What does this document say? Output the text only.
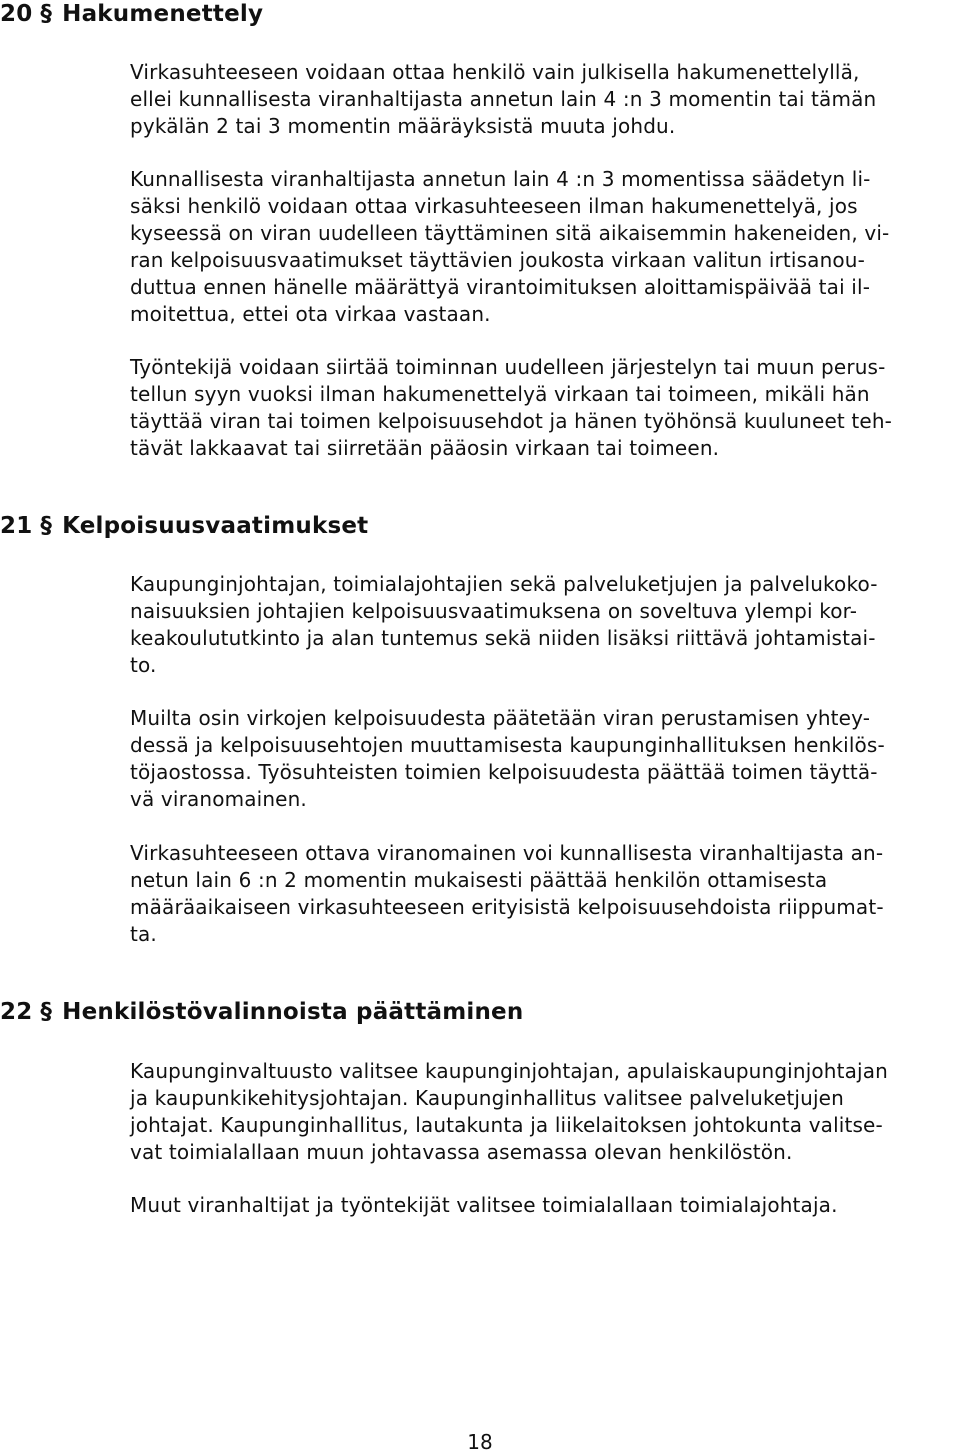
20 § Hakumenettely

Virkasuhteeseen voidaan ottaa henkilö vain julkisella hakumenettelyllä,
ellei kunnallisesta viranhaltijasta annetun lain 4 :n 3 momentin tai tämän
pykälän 2 tai 3 momentin määräyksistä muuta johdu.

Kunnallisesta viranhaltijasta annetun lain 4 :n 3 momentissa säädetyn li-
säksi henkilö voidaan ottaa virkasuhteeseen ilman hakumenettelyä, jos
kyseessä on viran uudelleen täyttäminen sitä aikaisemmin hakeneiden, vi-
ran kelpoisuusvaatimukset täyttävien joukosta virkaan valitun irtisanou-
duttua ennen hänelle määrättyä virantoimituksen aloittamispäivää tai il-
moitettua, ettei ota virkaa vastaan.

Työntekijä voidaan siirtää toiminnan uudelleen järjestelyn tai muun perus-
tellun syyn vuoksi ilman hakumenettelyä virkaan tai toimeen, mikäli hän
täyttää viran tai toimen kelpoisuusehdot ja hänen työhönsä kuuluneet teh-
tävät lakkaavat tai siirretään pääosin virkaan tai toimeen.

21 § Kelpoisuusvaatimukset

Kaupunginjohtajan, toimialajohtajien sekä palveluketjujen ja palvelukoko-
naisuuksien johtajien kelpoisuusvaatimuksena on soveltuva ylempi kor-
keakoulututkinto ja alan tuntemus sekä niiden lisäksi riittävä johtamistai-
to.

Muilta osin virkojen kelpoisuudesta päätetään viran perustamisen yhtey-
dessä ja kelpoisuusehtojen muuttamisesta kaupunginhallituksen henkilös-
töjaostossa. Työsuhteisten toimien kelpoisuudesta päättää toimen täyttä-
vä viranomainen.

Virkasuhteeseen ottava viranomainen voi kunnallisesta viranhaltijasta an-
netun lain 6 :n 2 momentin mukaisesti päättää henkilön ottamisesta
määräaikaiseen virkasuhteeseen erityisistä kelpoisuusehdoista riippumat-
ta.

22 § Henkilöstövalinnoista päättäminen

Kaupunginvaltuusto valitsee kaupunginjohtajan, apulaiskaupunginjohtajan
ja kaupunkikehitysjohtajan. Kaupunginhallitus valitsee palveluketjujen
johtajat. Kaupunginhallitus, lautakunta ja liikelaitoksen johtokunta valitse-
vat toimialallaan muun johtavassa asemassa olevan henkilöstön.

Muut viranhaltijat ja työntekijät valitsee toimialallaan toimialajohtaja.

18
